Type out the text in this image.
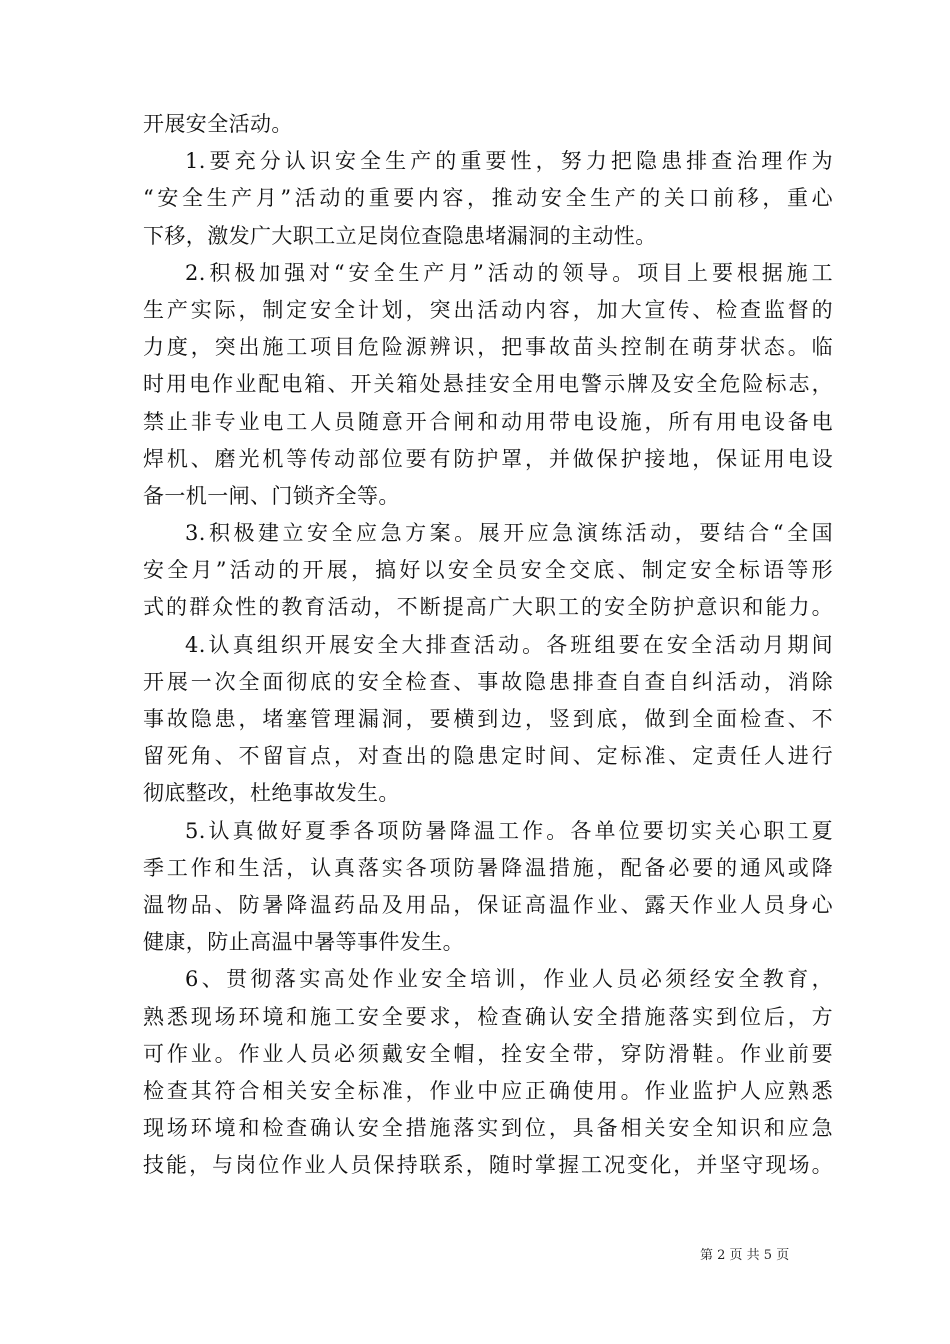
开展安全活动。
1.要充分认识安全生产的重要性，努力把隐患排查治理作为
“安全生产月”活动的重要内容，推动安全生产的关口前移，重心
下移，激发广大职工立足岗位查隐患堵漏洞的主动性。
2.积极加强对“安全生产月”活动的领导。项目上要根据施工
生产实际，制定安全计划，突出活动内容，加大宣传、检查监督的
力度，突出施工项目危险源辨识，把事故苗头控制在萌芽状态。临
时用电作业配电箱、开关箱处悬挂安全用电警示牌及安全危险标志，
禁止非专业电工人员随意开合闸和动用带电设施，所有用电设备电
焊机、磨光机等传动部位要有防护罩，并做保护接地，保证用电设
备一机一闸、门锁齐全等。
3.积极建立安全应急方案。展开应急演练活动，要结合“全国
安全月”活动的开展，搞好以安全员安全交底、制定安全标语等形
式的群众性的教育活动，不断提高广大职工的安全防护意识和能力。
4.认真组织开展安全大排查活动。各班组要在安全活动月期间
开展一次全面彻底的安全检查、事故隐患排查自查自纠活动，消除
事故隐患，堵塞管理漏洞，要横到边，竖到底，做到全面检查、不
留死角、不留盲点，对查出的隐患定时间、定标准、定责任人进行
彻底整改，杜绝事故发生。
5.认真做好夏季各项防暑降温工作。各单位要切实关心职工夏
季工作和生活，认真落实各项防暑降温措施，配备必要的通风或降
温物品、防暑降温药品及用品，保证高温作业、露天作业人员身心
健康，防止高温中暑等事件发生。
6、贯彻落实高处作业安全培训，作业人员必须经安全教育，
熟悉现场环境和施工安全要求，检查确认安全措施落实到位后，方
可作业。作业人员必须戴安全帽，拴安全带，穿防滑鞋。作业前要
检查其符合相关安全标准，作业中应正确使用。作业监护人应熟悉
现场环境和检查确认安全措施落实到位，具备相关安全知识和应急
技能，与岗位作业人员保持联系，随时掌握工况变化，并坚守现场。
第 2 页 共 5 页
